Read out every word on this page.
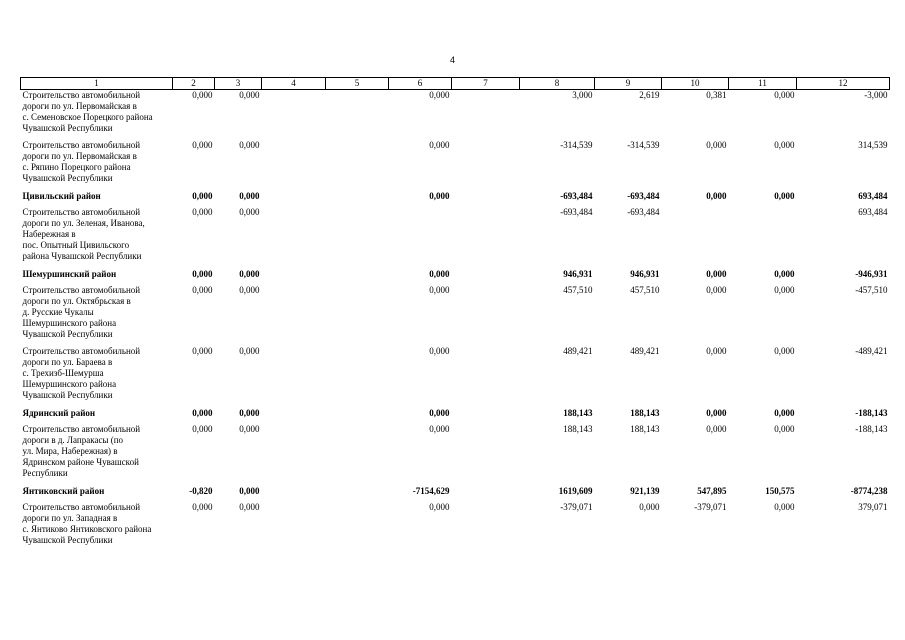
4
1	2	3	4	5	6	7	8	9	10	11	12

Строительство автомобильной
дороги по ул. Первомайская в
с. Семеновское Порецкого района
Чувашской Республики	0,000	0,000			0,000		3,000	2,619	0,381	0,000	-3,000

Строительство автомобильной
дороги по ул. Первомайская в
с. Ряпино Порецкого района
Чувашской Республики	0,000	0,000			0,000		-314,539	-314,539	0,000	0,000	314,539

Цивильский район	0,000	0,000			0,000		-693,484	-693,484	0,000	0,000	693,484

Строительство автомобильной
дороги по ул. Зеленая, Иванова,
Набережная в
пос. Опытный Цивильского
района Чувашской Республики	0,000	0,000					-693,484	-693,484			693,484

Шемуршинский район	0,000	0,000			0,000		946,931	946,931	0,000	0,000	-946,931

Строительство автомобильной
дороги по ул. Октябрьская в
д. Русские Чукалы
Шемуршинского района
Чувашской Республики	0,000	0,000			0,000		457,510	457,510	0,000	0,000	-457,510

Строительство автомобильной
дороги по ул. Бараева в
с. Трехизб-Шемурша
Шемуршинского района
Чувашской Республики	0,000	0,000			0,000		489,421	489,421	0,000	0,000	-489,421

Ядринский район	0,000	0,000			0,000		188,143	188,143	0,000	0,000	-188,143

Строительство автомобильной
дороги в д. Лапракасы (по
ул. Мира, Набережная) в
Ядринском районе Чувашской
Республики	0,000	0,000			0,000		188,143	188,143	0,000	0,000	-188,143

Янтиковский район	-0,820	0,000			-7154,629		1619,609	921,139	547,895	150,575	-8774,238

Строительство автомобильной
дороги по ул. Западная в
с. Янтиково Янтиковского района
Чувашской Республики	0,000	0,000			0,000		-379,071	0,000	-379,071	0,000	379,071
